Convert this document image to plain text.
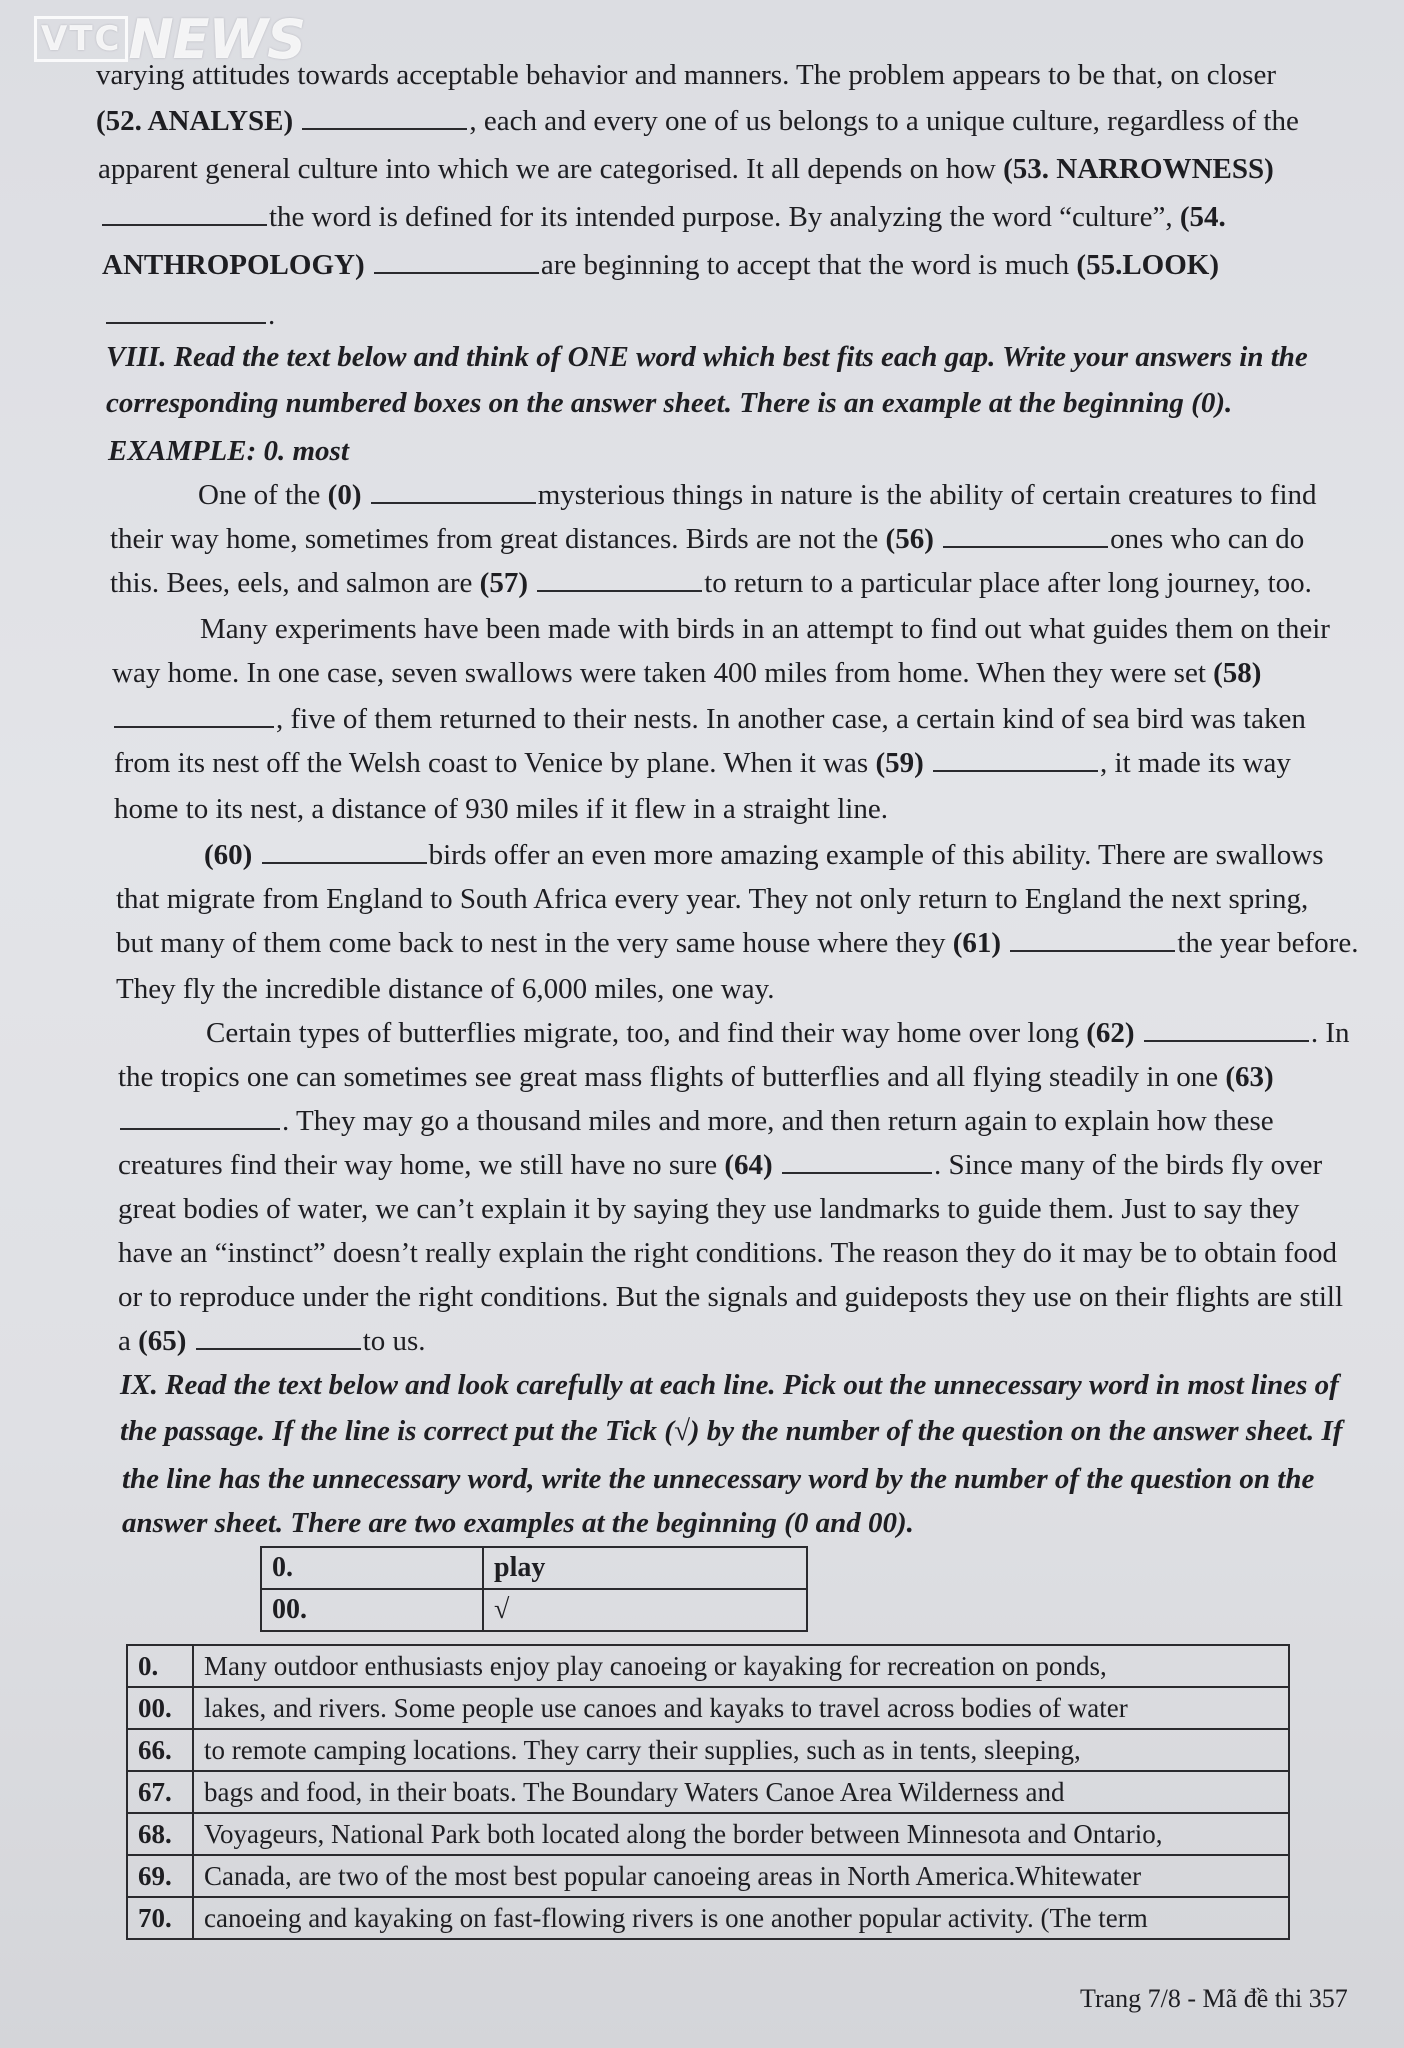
VTC NEWS
varying attitudes towards acceptable behavior and manners. The problem appears to be that, on closer
(52. ANALYSE)	, each and every one of us belongs to a unique culture, regardless of the
apparent general culture into which we are categorised. It all depends on how (53. NARROWNESS)
the word is defined for its intended purpose. By analyzing the word “culture”, (54.
ANTHROPOLOGY)	are beginning to accept that the word is much (55.LOOK)
.
VIII. Read the text below and think of ONE word which best fits each gap. Write your answers in the
corresponding numbered boxes on the answer sheet. There is an example at the beginning (0).
EXAMPLE: 0. most
One of the (0)	mysterious things in nature is the ability of certain creatures to find
their way home, sometimes from great distances. Birds are not the (56)	ones who can do
this. Bees, eels, and salmon are (57)	to return to a particular place after long journey, too.
Many experiments have been made with birds in an attempt to find out what guides them on their
way home. In one case, seven swallows were taken 400 miles from home. When they were set (58)
, five of them returned to their nests. In another case, a certain kind of sea bird was taken
from its nest off the Welsh coast to Venice by plane. When it was (59)	, it made its way
home to its nest, a distance of 930 miles if it flew in a straight line.
(60)	birds offer an even more amazing example of this ability. There are swallows
that migrate from England to South Africa every year. They not only return to England the next spring,
but many of them come back to nest in the very same house where they (61)	the year before.
They fly the incredible distance of 6,000 miles, one way.
Certain types of butterflies migrate, too, and find their way home over long (62)	. In
the tropics one can sometimes see great mass flights of butterflies and all flying steadily in one (63)
. They may go a thousand miles and more, and then return again to explain how these
creatures find their way home, we still have no sure (64)	. Since many of the birds fly over
great bodies of water, we can’t explain it by saying they use landmarks to guide them. Just to say they
have an “instinct” doesn’t really explain the right conditions. The reason they do it may be to obtain food
or to reproduce under the right conditions. But the signals and guideposts they use on their flights are still
a (65)	to us.
IX. Read the text below and look carefully at each line. Pick out the unnecessary word in most lines of
the passage. If the line is correct put the Tick (√) by the number of the question on the answer sheet. If
the line has the unnecessary word, write the unnecessary word by the number of the question on the
answer sheet. There are two examples at the beginning (0 and 00).
0.	play
00.	√
0.	Many outdoor enthusiasts enjoy play canoeing or kayaking for recreation on ponds,
00.	lakes, and rivers. Some people use canoes and kayaks to travel across bodies of water
66.	to remote camping locations. They carry their supplies, such as in tents, sleeping,
67.	bags and food, in their boats. The Boundary Waters Canoe Area Wilderness and
68.	Voyageurs, National Park both located along the border between Minnesota and Ontario,
69.	Canada, are two of the most best popular canoeing areas in North America.Whitewater
70.	canoeing and kayaking on fast-flowing rivers is one another popular activity. (The term
Trang 7/8 - Mã đề thi 357
